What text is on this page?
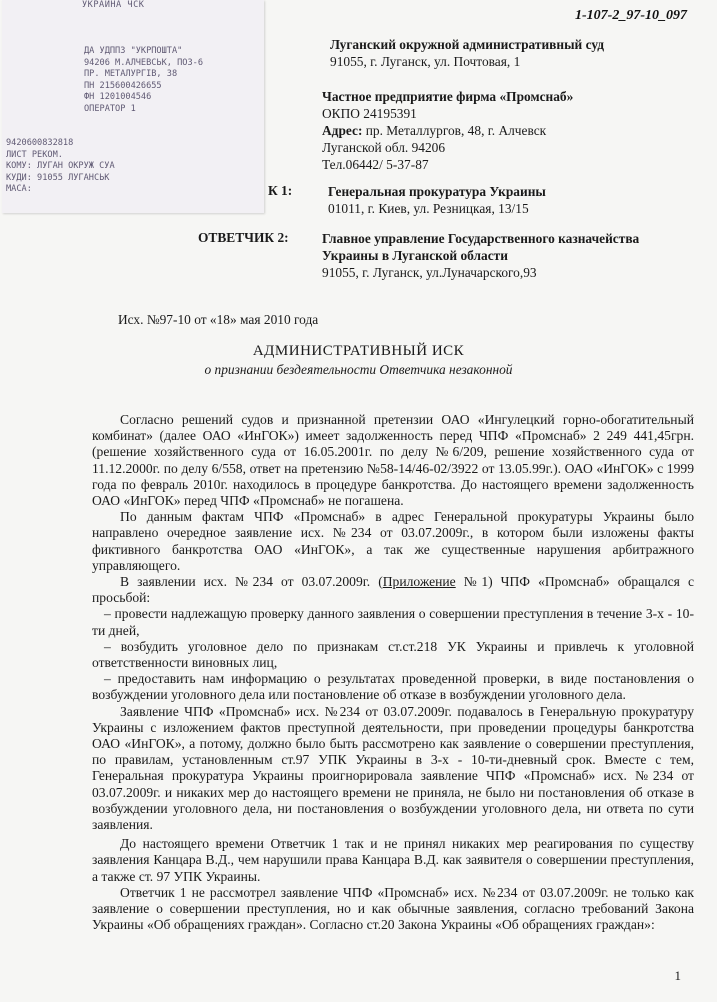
1-107-2_97-10_097
УКРАИНА ЧСК
ДА УДППЗ "УКРПОШТА"
94206 М.АЛЧЕВСЬК, ПОЗ-6
ПР. МЕТАЛУРГІВ, 38
ПН 215600426655
ФН 1201004546
ОПЕРАТОР 1
9420600832818
ЛИСТ РЕКОМ.
КОМУ: ЛУГАН ОКРУЖ СУА
КУДИ: 91055 ЛУГАНСЬК
МАСА:
Луганский окружной административный суд
91055, г. Луганск, ул. Почтовая, 1
Частное предприятие фирма «Промснаб»
ОКПО 24195391
Адрес: пр. Металлургов, 48, г. Алчевск
Луганской обл. 94206
Тел.06442/ 5-37-87
К 1:	Генеральная прокуратура Украины
01011, г. Киев, ул. Резницкая, 13/15
ОТВЕТЧИК 2: Главное управление Государственного казначейства
Украины в Луганской области
91055, г. Луганск, ул.Луначарского,93
Исх. №97-10 от «18» мая 2010 года
АДМИНИСТРАТИВНЫЙ ИСК
о признании бездеятельности Ответчика незаконной

Согласно решений судов и признанной претензии ОАО «Ингулецкий горно-обогатительный комбинат» (далее ОАО «ИнГОК») имеет задолженность перед ЧПФ «Промснаб» 2 249 441,45грн. (решение хозяйственного суда от 16.05.2001г. по делу №6/209, решение хозяйственного суда от 11.12.2000г. по делу 6/558, ответ на претензию №58-14/46-02/3922 от 13.05.99г.). ОАО «ИнГОК» с 1999 года по февраль 2010г. находилось в процедуре банкротства. До настоящего времени задолженность ОАО «ИнГОК» перед ЧПФ «Промснаб» не погашена.

По данным фактам ЧПФ «Промснаб» в адрес Генеральной прокуратуры Украины было направлено очередное заявление исх. №234 от 03.07.2009г., в котором были изложены факты фиктивного банкротства ОАО «ИнГОК», а так же существенные нарушения арбитражного управляющего.

В заявлении исх. №234 от 03.07.2009г. (Приложение №1) ЧПФ «Промснаб» обращался с просьбой:

– провести надлежащую проверку данного заявления о совершении преступления в течение 3-х - 10-ти дней,

– возбудить уголовное дело по признакам ст.ст.218 УК Украины и привлечь к уголовной ответственности виновных лиц,

– предоставить нам информацию о результатах проведенной проверки, в виде постановления о возбуждении уголовного дела или постановление об отказе в возбуждении уголовного дела.

Заявление ЧПФ «Промснаб» исх. №234 от 03.07.2009г. подавалось в Генеральную прокуратуру Украины с изложением фактов преступной деятельности, при проведении процедуры банкротства ОАО «ИнГОК», а потому, должно было быть рассмотрено как заявление о совершении преступления, по правилам, установленным ст.97 УПК Украины в 3-х - 10-ти-дневный срок. Вместе с тем, Генеральная прокуратура Украины проигнорировала заявление ЧПФ «Промснаб» исх. №234 от 03.07.2009г. и никаких мер до настоящего времени не приняла, не было ни постановления об отказе в возбуждении уголовного дела, ни постановления о возбуждении уголовного дела, ни ответа по сути заявления.

До настоящего времени Ответчик 1 так и не принял никаких мер реагирования по существу заявления Канцара В.Д., чем нарушили права Канцара В.Д. как заявителя о совершении преступления, а также ст. 97 УПК Украины.

Ответчик 1 не рассмотрел заявление ЧПФ «Промснаб» исх. №234 от 03.07.2009г. не только как заявление о совершении преступления, но и как обычные заявления, согласно требований Закона Украины «Об обращениях граждан». Согласно ст.20 Закона Украины «Об обращениях граждан»:

1
